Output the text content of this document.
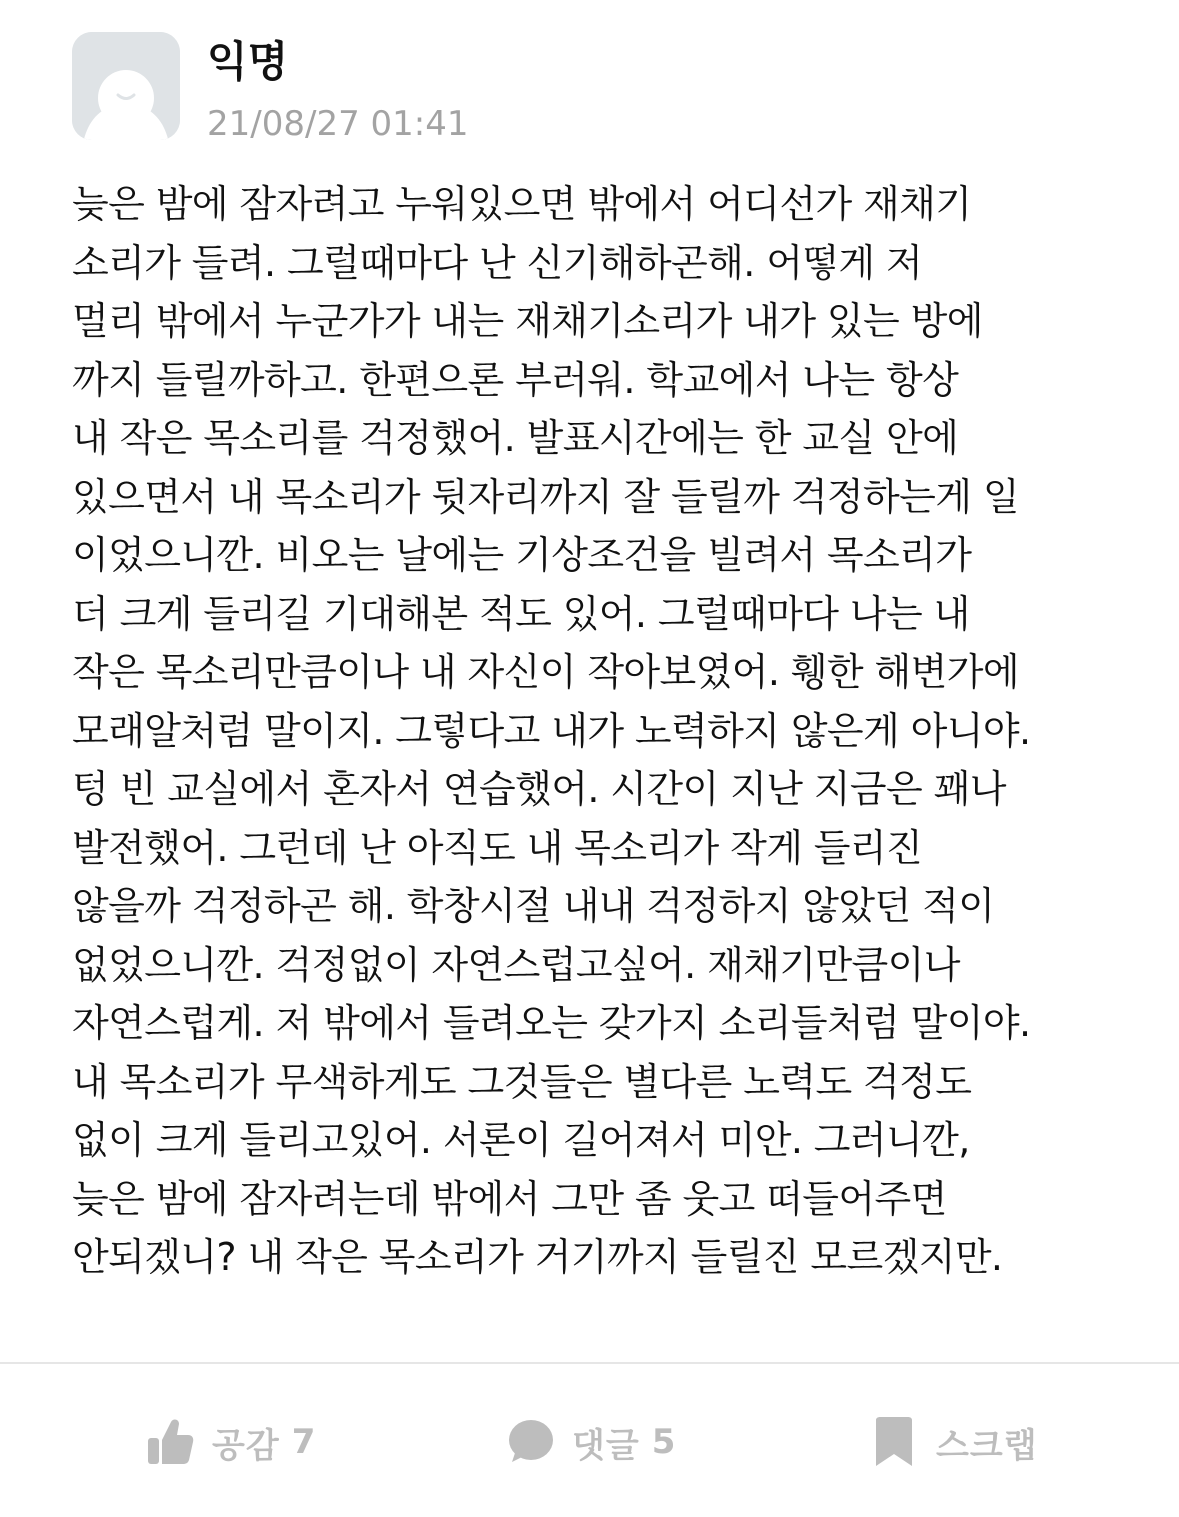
익명
21/08/27 01:41
늦은 밤에 잠자려고 누워있으면 밖에서 어디선가 재채기
소리가 들려. 그럴때마다 난 신기해하곤해. 어떻게 저
멀리 밖에서 누군가가 내는 재채기소리가 내가 있는 방에
까지 들릴까하고. 한편으론 부러워. 학교에서 나는 항상
내 작은 목소리를 걱정했어. 발표시간에는 한 교실 안에
있으면서 내 목소리가 뒷자리까지 잘 들릴까 걱정하는게 일
이었으니깐. 비오는 날에는 기상조건을 빌려서 목소리가
더 크게 들리길 기대해본 적도 있어. 그럴때마다 나는 내
작은 목소리만큼이나 내 자신이 작아보였어. 휑한 해변가에
모래알처럼 말이지. 그렇다고 내가 노력하지 않은게 아니야.
텅 빈 교실에서 혼자서 연습했어. 시간이 지난 지금은 꽤나
발전했어. 그런데 난 아직도 내 목소리가 작게 들리진
않을까 걱정하곤 해. 학창시절 내내 걱정하지 않았던 적이
없었으니깐. 걱정없이 자연스럽고싶어. 재채기만큼이나
자연스럽게. 저 밖에서 들려오는 갖가지 소리들처럼 말이야.
내 목소리가 무색하게도 그것들은 별다른 노력도 걱정도
없이 크게 들리고있어. 서론이 길어져서 미안. 그러니깐,
늦은 밤에 잠자려는데 밖에서 그만 좀 웃고 떠들어주면
안되겠니? 내 작은 목소리가 거기까지 들릴진 모르겠지만.
공감 7	댓글 5	스크랩
